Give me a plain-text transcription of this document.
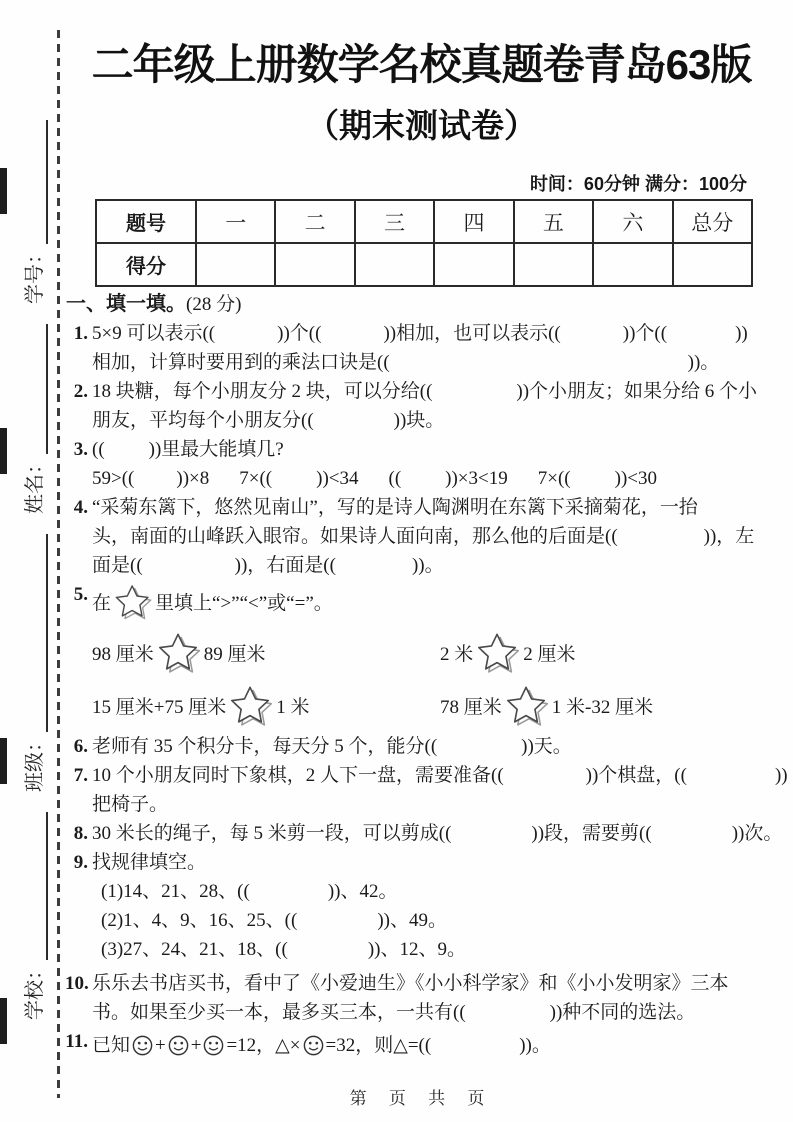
学校：
班级：
姓名：
学号：
二年级上册数学名校真题卷青岛63版
（期末测试卷）
时间：60分钟 满分：100分
题号	一	二	三	四	五	六	总分
得分							
一、填一填。(28 分)
1. 5×9 可以表示((	))个((	))相加，也可以表示((	))个((	))
相加，计算时要用到的乘法口诀是((	))。
2. 18 块糖，每个小朋友分 2 块，可以分给((	))个小朋友；如果分给 6 个小
朋友，平均每个小朋友分((	))块。
3. (( ))里最大能填几?
59>(( ))×8 7×(( ))<34 (( ))×3<19 7×(( ))<30
4. “采菊东篱下，悠然见南山”，写的是诗人陶渊明在东篱下采摘菊花，一抬
头，南面的山峰跃入眼帘。如果诗人面向南，那么他的后面是((	))，左
面是((	))，右面是((	))。
5. 在 里填上“>”“<”或“=”。
98 厘米	89 厘米	2 米	2 厘米
15 厘米+75 厘米	1 米	78 厘米	1 米-32 厘米
6. 老师有 35 个积分卡，每天分 5 个，能分((	))天。
7. 10 个小朋友同时下象棋，2 人下一盘，需要准备((	))个棋盘，((	))
把椅子。
8. 30 米长的绳子，每 5 米剪一段，可以剪成((	))段，需要剪((	))次。
9. 找规律填空。
(1)14、21、28、((	))、42。
(2)1、4、9、16、25、((	))、49。
(3)27、24、21、18、((	))、12、9。
10. 乐乐去书店买书，看中了《小爱迪生》《小小科学家》和《小小发明家》三本
书。如果至少买一本，最多买三本，一共有((	))种不同的选法。
11. 已知 + + =12，△× =32，则△=((	))。
第 页 共 页
